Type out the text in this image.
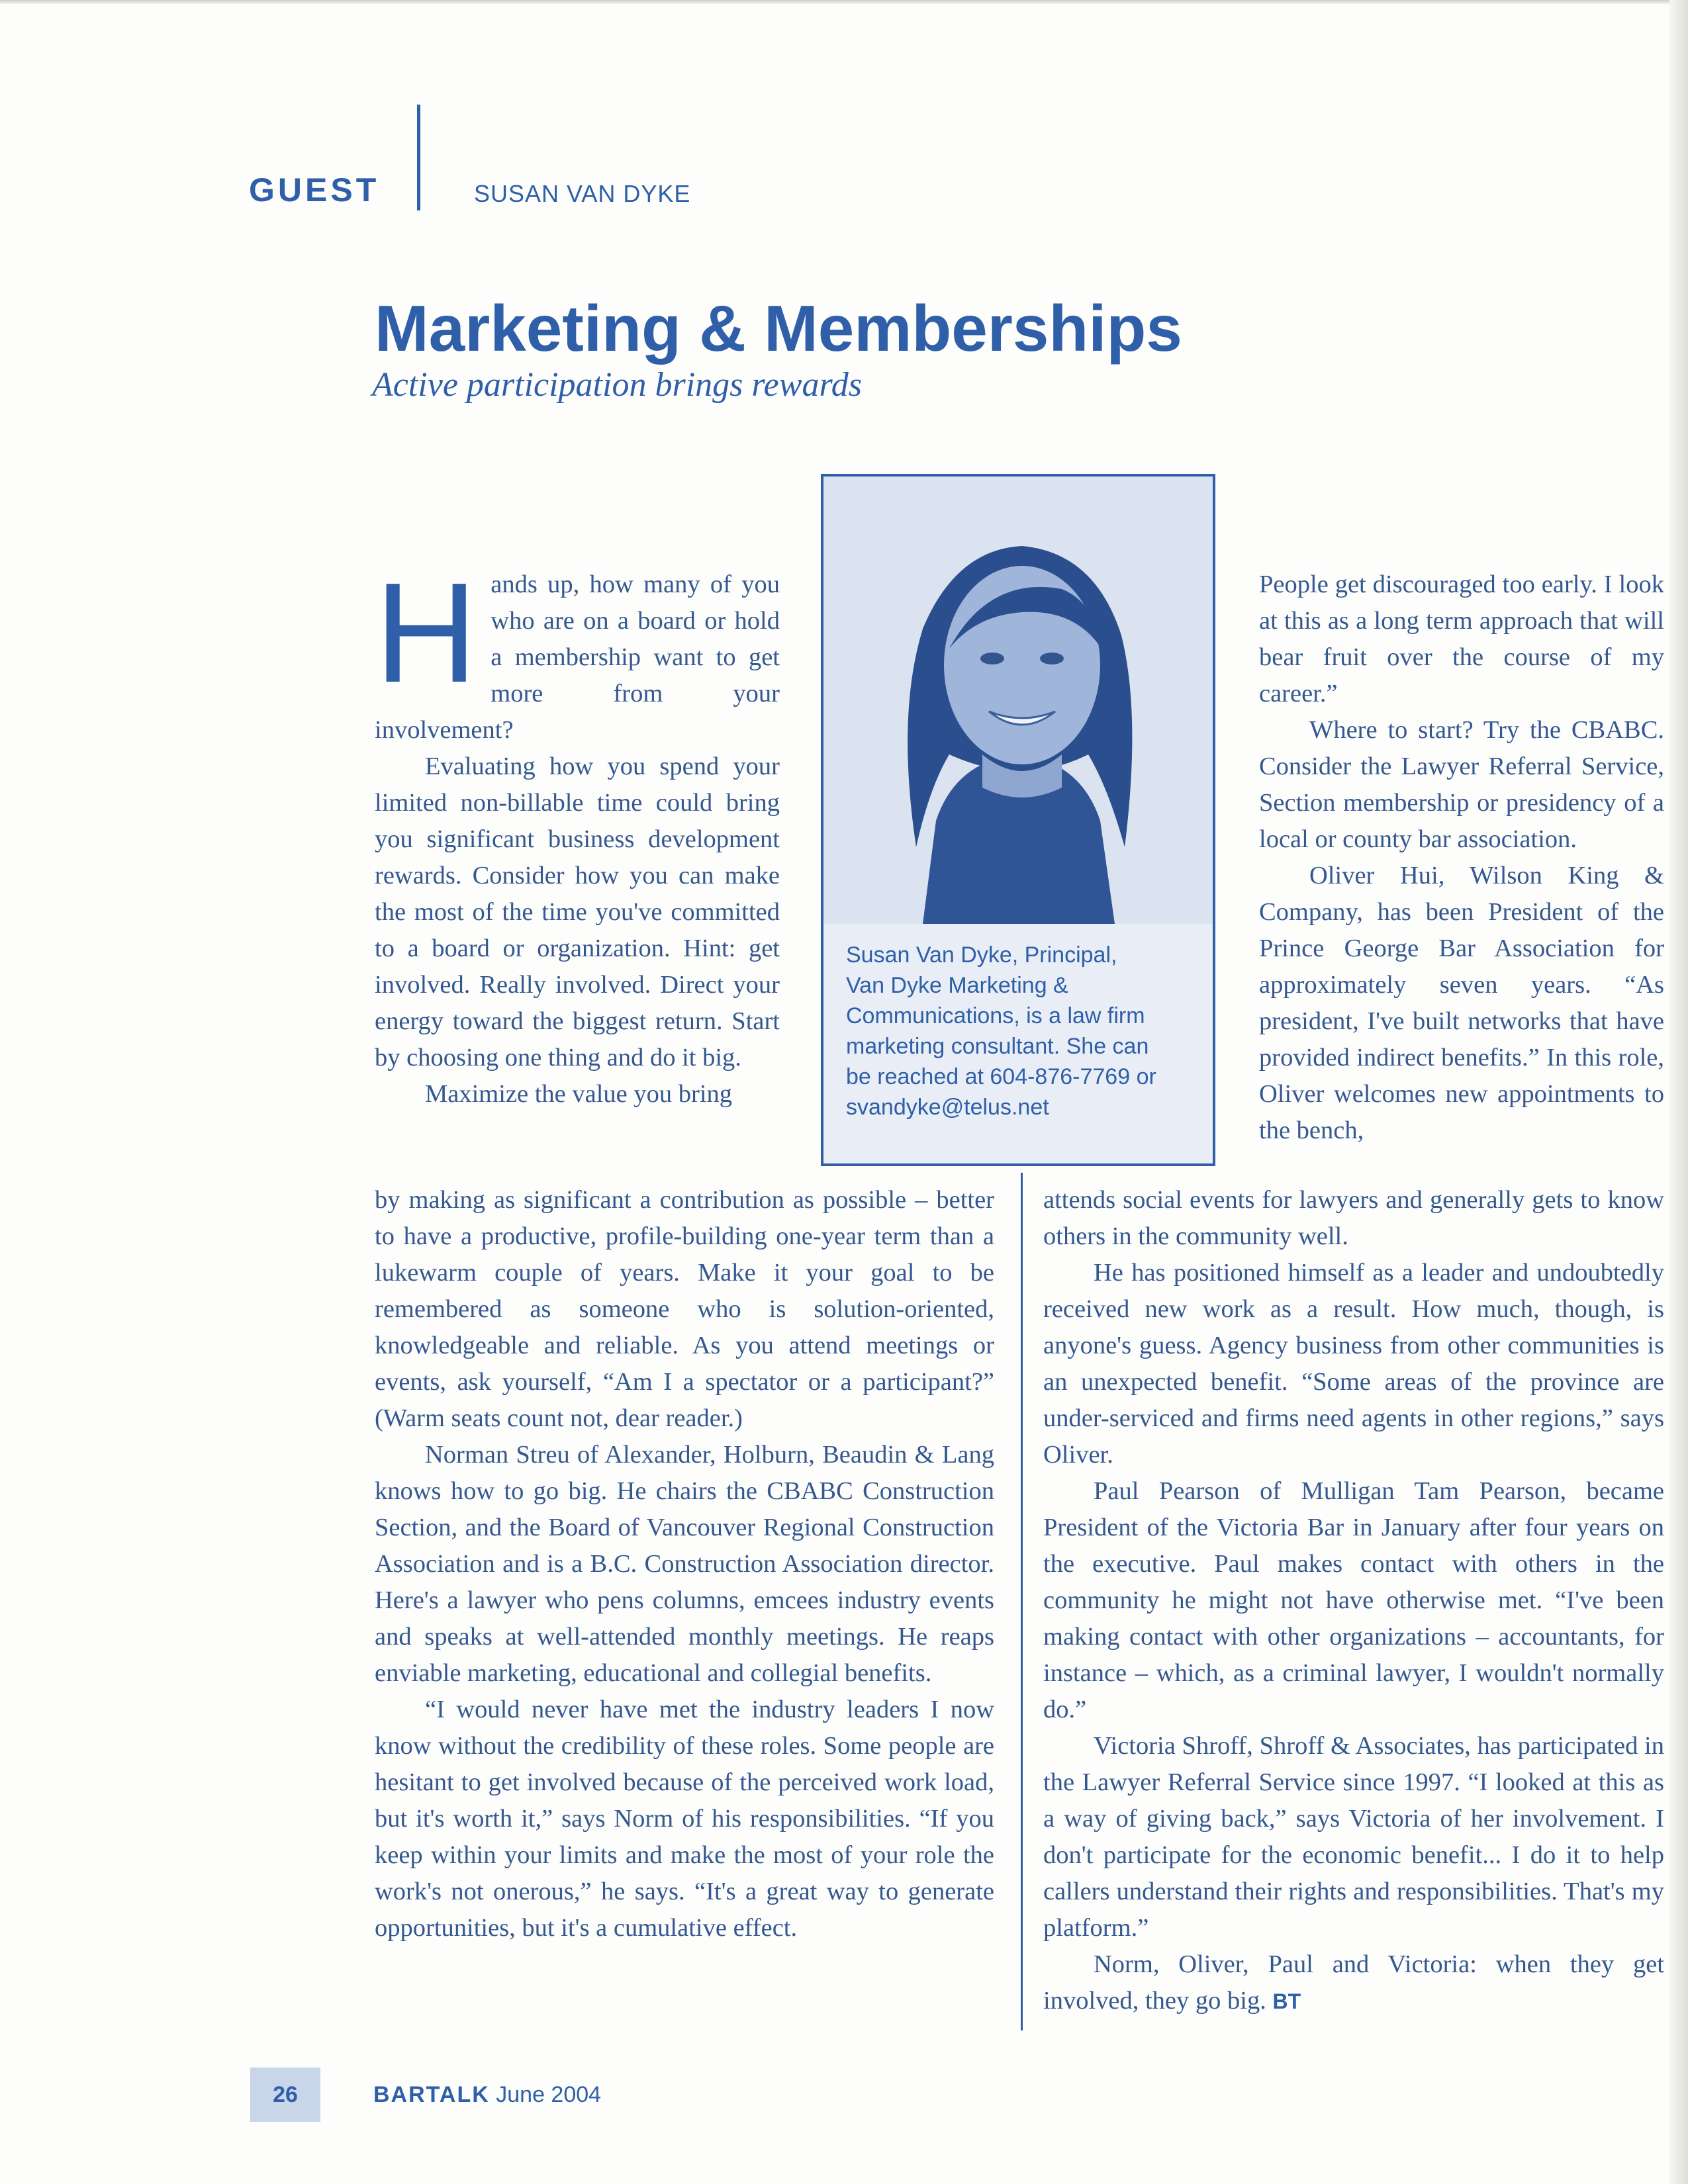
GUEST	SUSAN VAN DYKE
Marketing & Memberships
Active participation brings rewards

Hands up, how many of you who are on a board or hold a membership want to get more from your involvement?

Evaluating how you spend your limited non-billable time could bring you significant business development rewards. Consider how you can make the most of the time you've committed to a board or organization. Hint: get involved. Really involved. Direct your energy toward the biggest return. Start by choosing one thing and do it big.

Maximize the value you bring

by making as significant a contribution as possible – better to have a productive, profile-building one-year term than a lukewarm couple of years. Make it your goal to be remembered as someone who is solution-oriented, knowledgeable and reliable. As you attend meetings or events, ask yourself, “Am I a spectator or a participant?” (Warm seats count not, dear reader.)

Norman Streu of Alexander, Holburn, Beaudin & Lang knows how to go big. He chairs the CBABC Construction Section, and the Board of Vancouver Regional Construction Association and is a B.C. Construction Association director. Here's a lawyer who pens columns, emcees industry events and speaks at well-attended monthly meetings. He reaps enviable marketing, educational and collegial benefits.

“I would never have met the industry leaders I now know without the credibility of these roles. Some people are hesitant to get involved because of the perceived work load, but it's worth it,” says Norm of his responsibilities. “If you keep within your limits and make the most of your role the work's not onerous,” he says. “It's a great way to generate opportunities, but it's a cumulative effect.

Susan Van Dyke, Principal,
Van Dyke Marketing &
Communications, is a law firm
marketing consultant. She can
be reached at 604-876-7769 or
svandyke@telus.net

People get discouraged too early. I look at this as a long term approach that will bear fruit over the course of my career.”

Where to start? Try the CBABC. Consider the Lawyer Referral Service, Section membership or presidency of a local or county bar association.

Oliver Hui, Wilson King & Company, has been President of the Prince George Bar Association for approximately seven years. “As president, I've built networks that have provided indirect benefits.” In this role, Oliver welcomes new appointments to the bench,

attends social events for lawyers and generally gets to know others in the community well.

He has positioned himself as a leader and undoubtedly received new work as a result. How much, though, is anyone's guess. Agency business from other communities is an unexpected benefit. “Some areas of the province are under-serviced and firms need agents in other regions,” says Oliver.

Paul Pearson of Mulligan Tam Pearson, became President of the Victoria Bar in January after four years on the executive. Paul makes contact with others in the community he might not have otherwise met. “I've been making contact with other organizations – accountants, for instance – which, as a criminal lawyer, I wouldn't normally do.”

Victoria Shroff, Shroff & Associates, has participated in the Lawyer Referral Service since 1997. “I looked at this as a way of giving back,” says Victoria of her involvement. I don't participate for the economic benefit... I do it to help callers understand their rights and responsibilities. That's my platform.”

Norm, Oliver, Paul and Victoria: when they get involved, they go big. BT

26	BARTALK June 2004
